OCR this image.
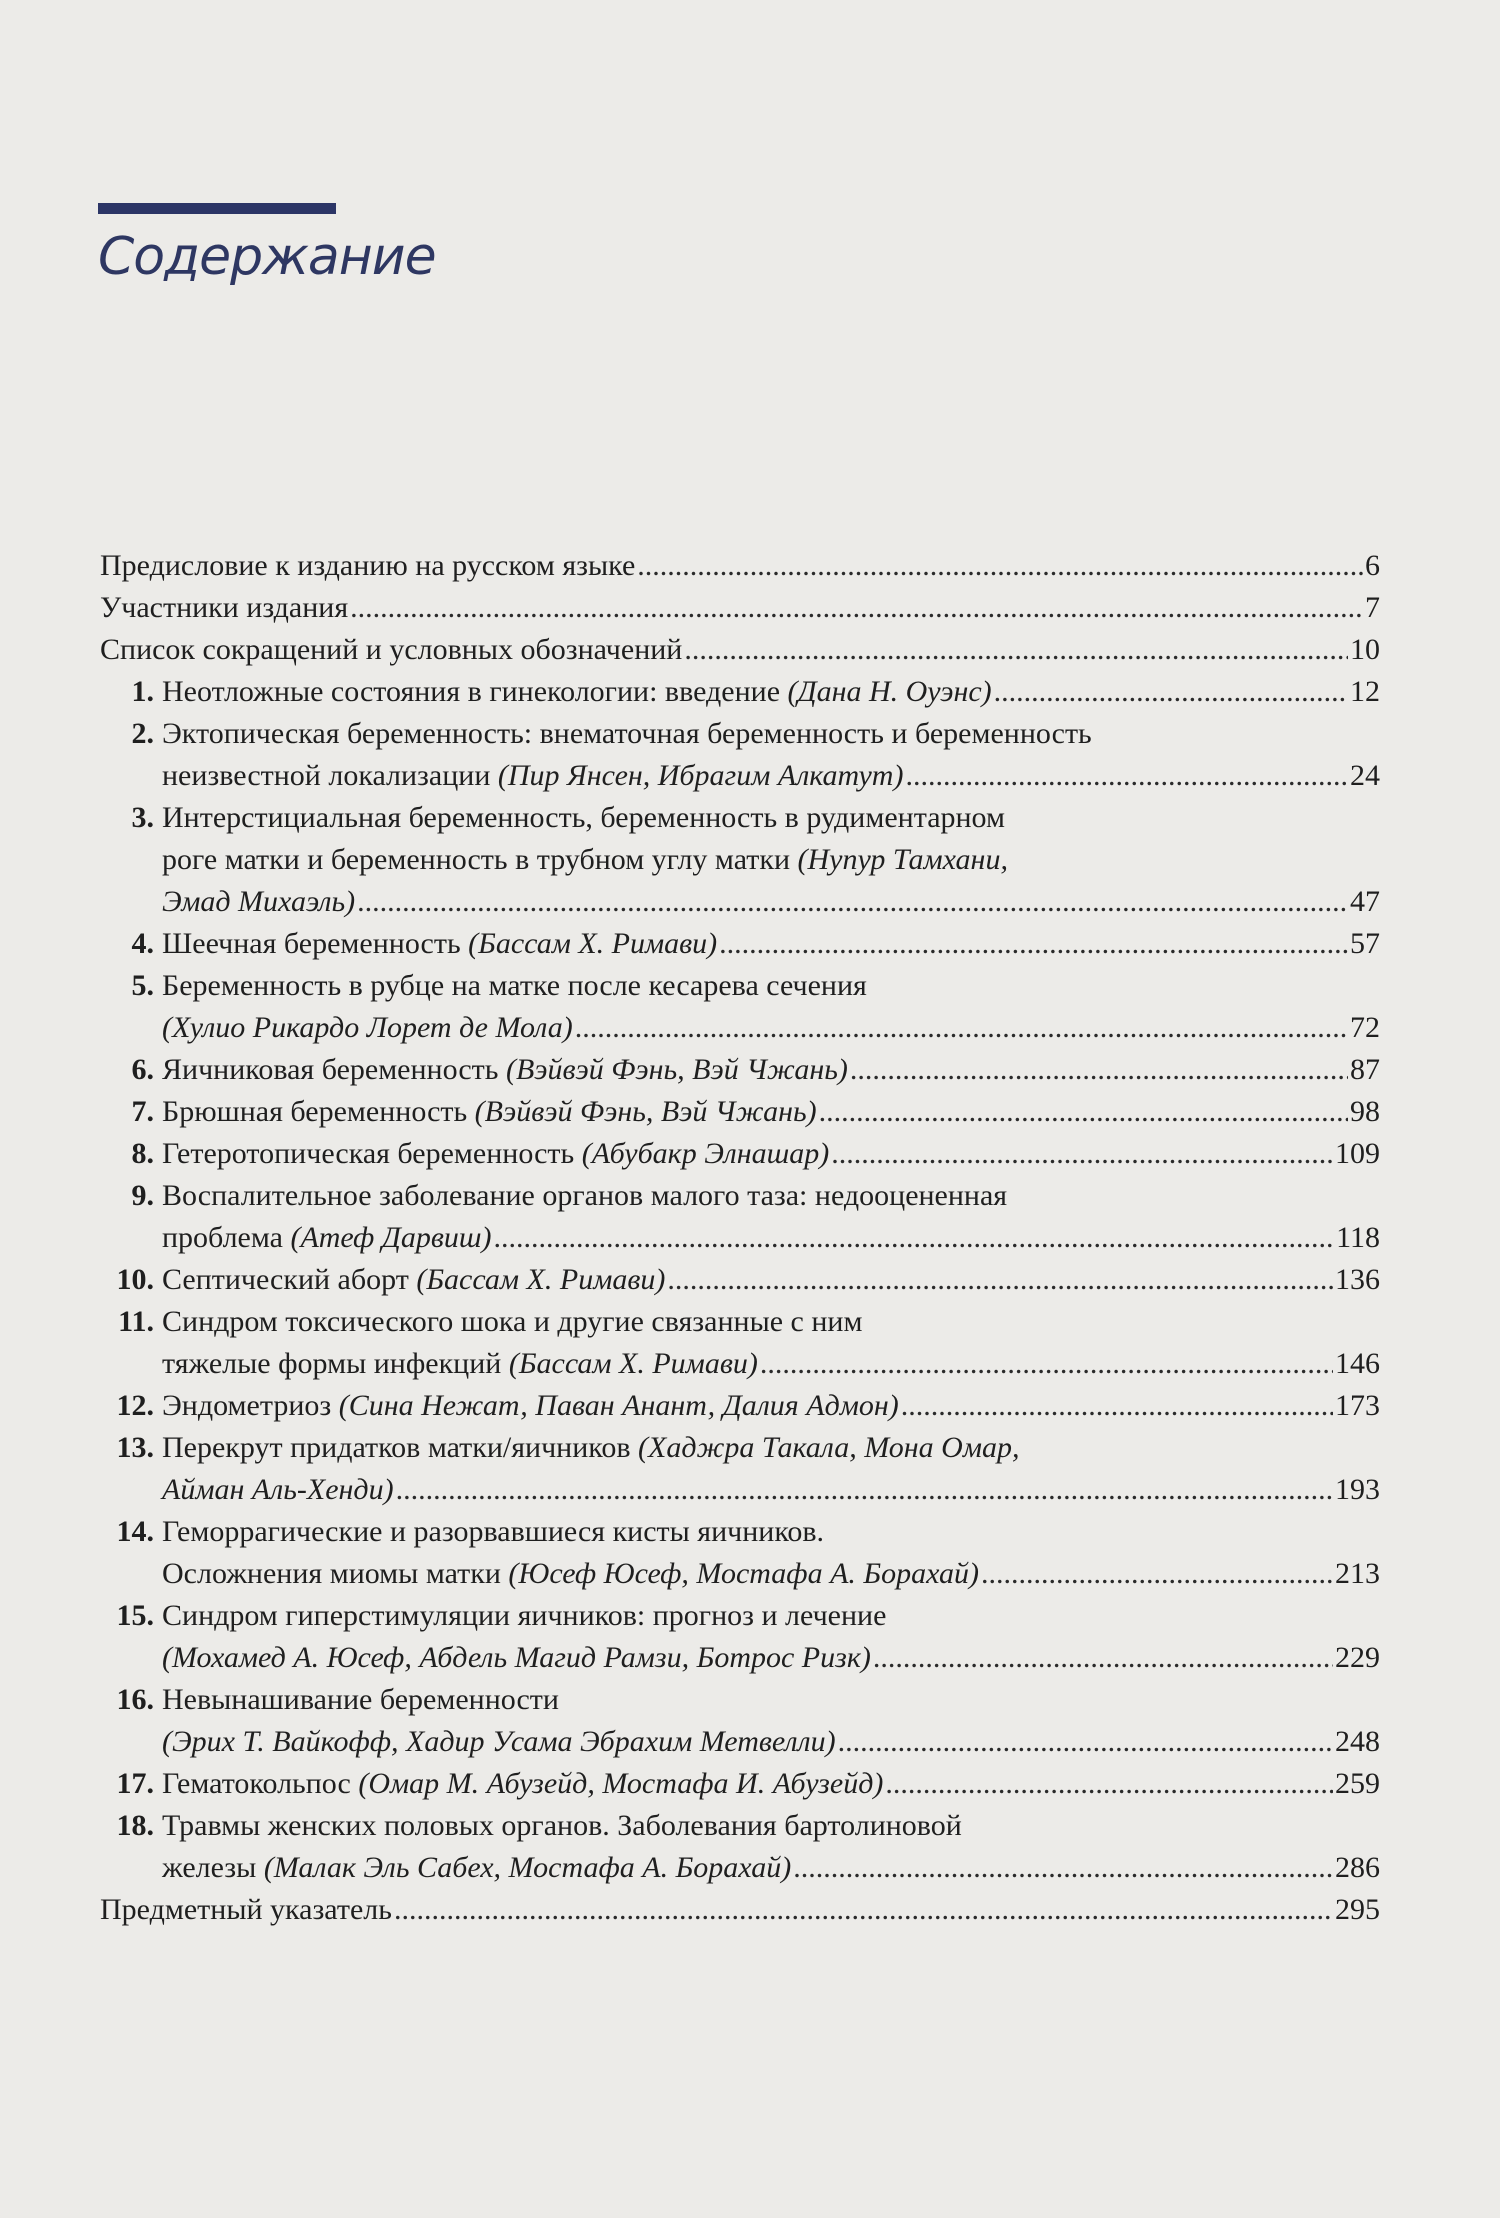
Содержание
Предисловие к изданию на русском языке .....	6
Участники издания .....	7
Список сокращений и условных обозначений .....	10
1. Неотложные состояния в гинекологии: введение (Дана Н. Оуэнс) .....	12
2. Эктопическая беременность: внематочная беременность и беременность
неизвестной локализации (Пир Янсен, Ибрагим Алкатут) .....	24
3. Интерстициальная беременность, беременность в рудиментарном
роге матки и беременность в трубном углу матки (Нупур Тамхани,
Эмад Михаэль) .....	47
4. Шеечная беременность (Бассам Х. Римави) .....	57
5. Беременность в рубце на матке после кесарева сечения
(Хулио Рикардо Лорет де Мола) .....	72
6. Яичниковая беременность (Вэйвэй Фэнь, Вэй Чжань) .....	87
7. Брюшная беременность (Вэйвэй Фэнь, Вэй Чжань) .....	98
8. Гетеротопическая беременность (Абубакр Элнашар) .....	109
9. Воспалительное заболевание органов малого таза: недооцененная
проблема (Атеф Дарвиш) .....	118
10. Септический аборт (Бассам Х. Римави) .....	136
11. Синдром токсического шока и другие связанные с ним
тяжелые формы инфекций (Бассам Х. Римави) .....	146
12. Эндометриоз (Сина Нежат, Паван Анант, Далия Адмон) .....	173
13. Перекрут придатков матки/яичников (Хаджра Такала, Мона Омар,
Айман Аль-Хенди) .....	193
14. Геморрагические и разорвавшиеся кисты яичников.
Осложнения миомы матки (Юсеф Юсеф, Мостафа А. Борахай) .....	213
15. Синдром гиперстимуляции яичников: прогноз и лечение
(Мохамед А. Юсеф, Абдель Магид Рамзи, Ботрос Ризк) .....	229
16. Невынашивание беременности
(Эрих Т. Вайкофф, Хадир Усама Эбрахим Метвелли) .....	248
17. Гематокольпос (Омар М. Абузейд, Мостафа И. Абузейд) .....	259
18. Травмы женских половых органов. Заболевания бартолиновой
железы (Малак Эль Сабех, Мостафа А. Борахай) .....	286
Предметный указатель .....	295
